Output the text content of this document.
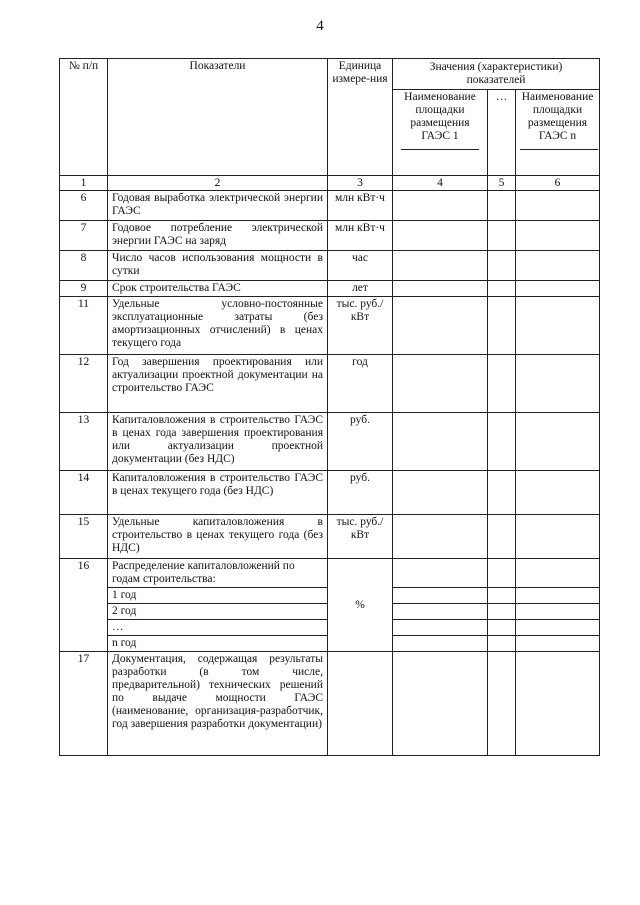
4
№ п/п	Показатели	Единица измере-ния	Значения (характеристики) показателей		
			Наименование площадки размещения ГАЭС 1	…	Наименование площадки размещения ГАЭС n

1	2	3	4	5	6
6	Годовая выработка электрической энергии ГАЭС	млн кВт·ч			
7	Годовое потребление электрической энергии ГАЭС на заряд	млн кВт·ч			
8	Число часов использования мощности в сутки	час			
9	Срок строительства ГАЭС	лет			
11	Удельные условно-постоянные эксплуатационные затраты (без амортизационных отчислений) в ценах текущего года	тыс. руб./кВт			
12	Год завершения проектирования или актуализации проектной документации на строительство ГАЭС	год			
13	Капиталовложения в строительство ГАЭС в ценах года завершения проектирования или актуализации проектной документации (без НДС)	руб.			
14	Капиталовложения в строительство ГАЭС в ценах текущего года (без НДС)	руб.			
15	Удельные капиталовложения в строительство в ценах текущего года (без НДС)	тыс. руб./кВт			
16	Распределение капиталовложений по годам строительства:	%			
	1 год				
	2 год				
	…				
	n год				
17	Документация, содержащая результаты разработки (в том числе, предварительной) технических решений по выдаче мощности ГАЭС (наименование, организация-разработчик, год завершения разработки документации)				
